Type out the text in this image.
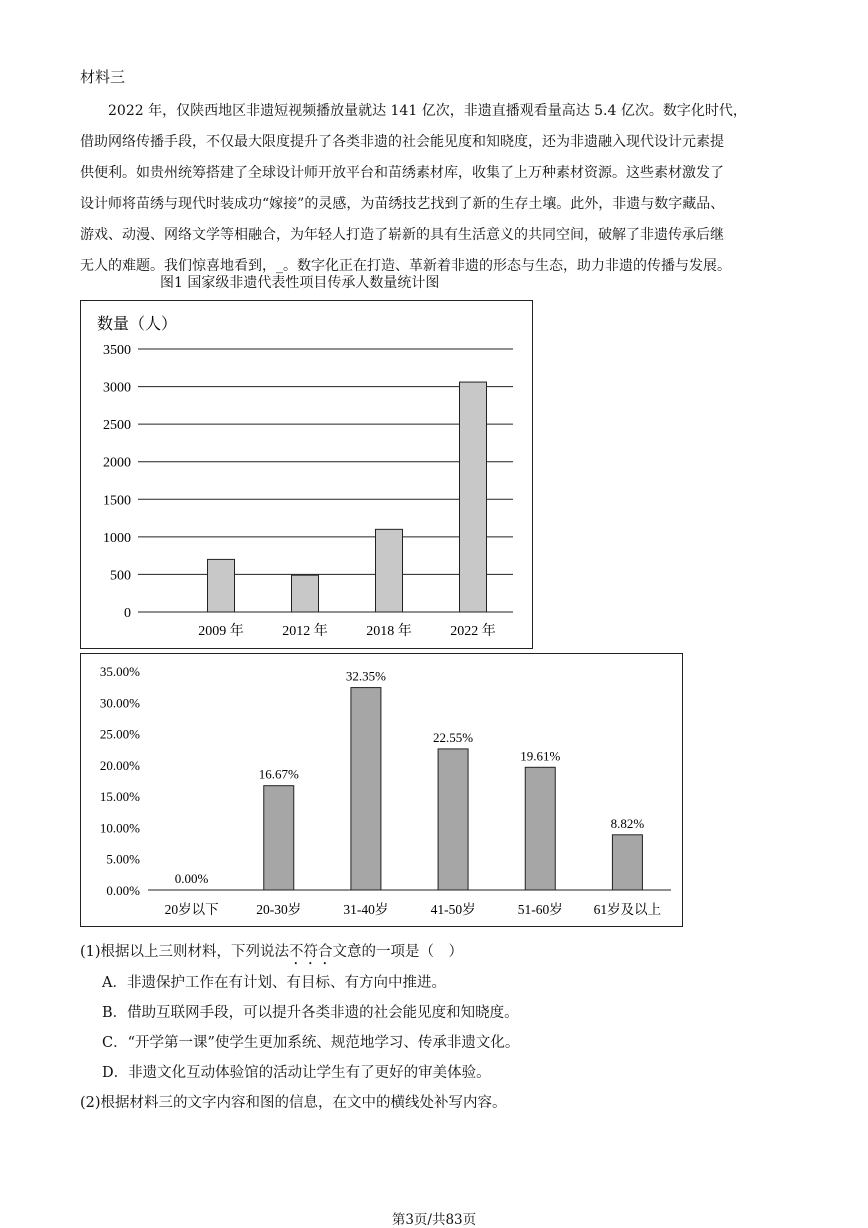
材料三
2022 年，仅陕西地区非遗短视频播放量就达 141 亿次，非遗直播观看量高达 5.4 亿次。数字化时代，
借助网络传播手段，不仅最大限度提升了各类非遗的社会能见度和知晓度，还为非遗融入现代设计元素提
供便利。如贵州统筹搭建了全球设计师开放平台和苗绣素材库，收集了上万种素材资源。这些素材激发了
设计师将苗绣与现代时装成功“嫁接”的灵感，为苗绣技艺找到了新的生存土壤。此外，非遗与数字藏品、
游戏、动漫、网络文学等相融合，为年轻人打造了崭新的具有生活意义的共同空间，破解了非遗传承后继
无人的难题。我们惊喜地看到，_。数字化正在打造、革新着非遗的形态与生态，助力非遗的传播与发展。
图1 国家级非遗代表性项目传承人数量统计图
数量（人）
0
500
1000
1500
2000
2500
3000
3500
2009 年	2012 年	2018 年	2022 年
0.00%
5.00%
10.00%
15.00%
20.00%
25.00%
30.00%
35.00%
0.00%
20岁以下
16.67%
20-30岁
32.35%
31-40岁
22.55%
41-50岁
19.61%
51-60岁
8.82%
61岁及以上
(1)根据以上三则材料，下列说法不符合文意的一项是（　）
A．非遗保护工作在有计划、有目标、有方向中推进。
B．借助互联网手段，可以提升各类非遗的社会能见度和知晓度。
C．“开学第一课”使学生更加系统、规范地学习、传承非遗文化。
D．非遗文化互动体验馆的活动让学生有了更好的审美体验。
(2)根据材料三的文字内容和图的信息，在文中的横线处补写内容。
第3页/共83页
